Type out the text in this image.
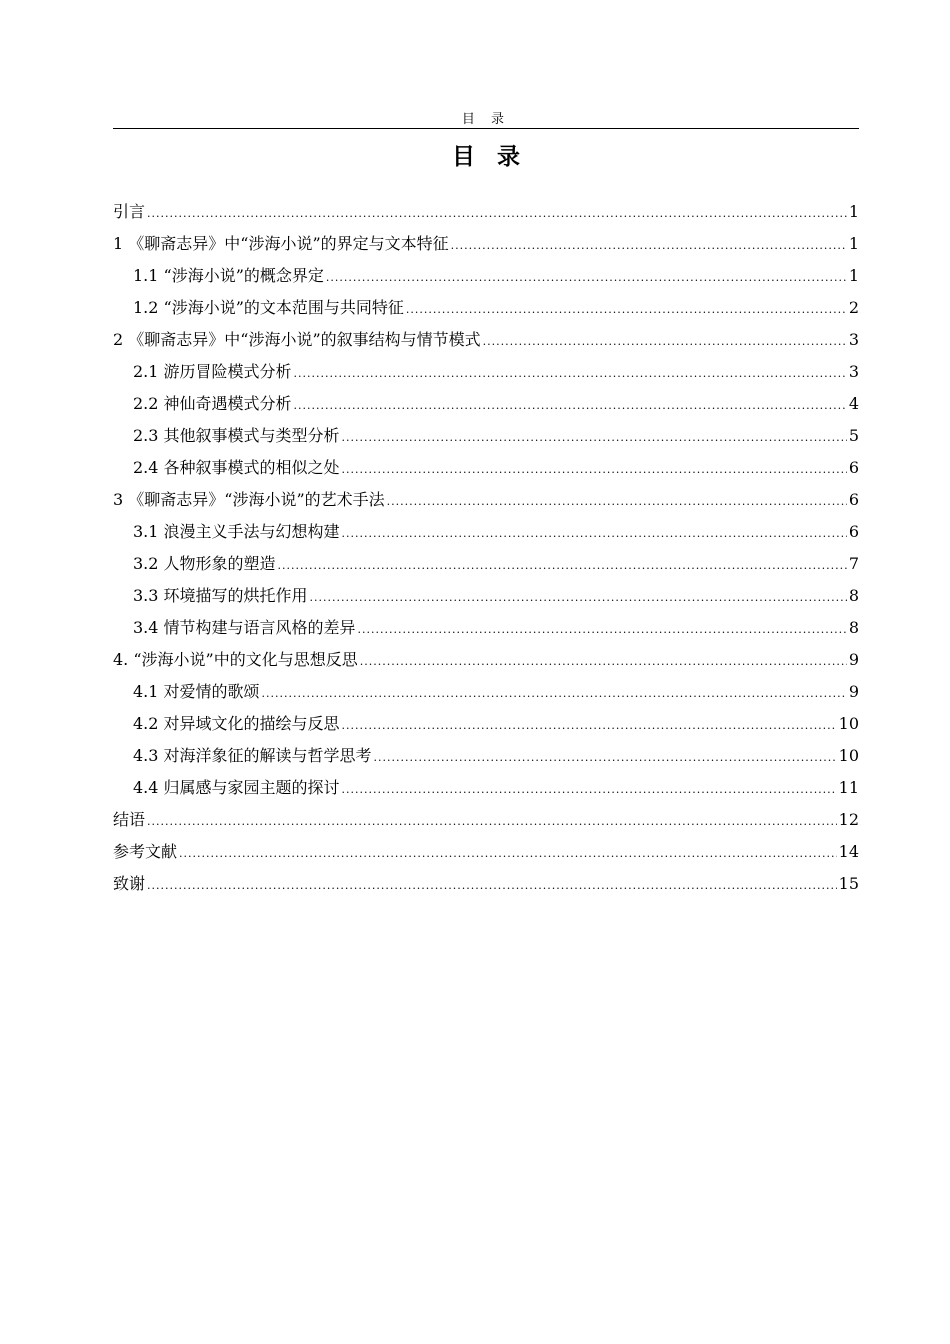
目 录
目录
引言 .....	1
1 《聊斋志异》中“涉海小说”的界定与文本特征 .....	1
1.1 “涉海小说”的概念界定 .....	1
1.2 “涉海小说”的文本范围与共同特征 .....	2
2 《聊斋志异》中“涉海小说”的叙事结构与情节模式 .....	3
2.1 游历冒险模式分析 .....	3
2.2 神仙奇遇模式分析 .....	4
2.3 其他叙事模式与类型分析 .....	5
2.4 各种叙事模式的相似之处 .....	6
3 《聊斋志异》“涉海小说”的艺术手法 .....	6
3.1 浪漫主义手法与幻想构建 .....	6
3.2 人物形象的塑造 .....	7
3.3 环境描写的烘托作用 .....	8
3.4 情节构建与语言风格的差异 .....	8
4. “涉海小说”中的文化与思想反思 .....	9
4.1 对爱情的歌颂 .....	9
4.2 对异域文化的描绘与反思 .....	10
4.3 对海洋象征的解读与哲学思考 .....	10
4.4 归属感与家园主题的探讨 .....	11
结语 .....	12
参考文献 .....	14
致谢 .....	15
